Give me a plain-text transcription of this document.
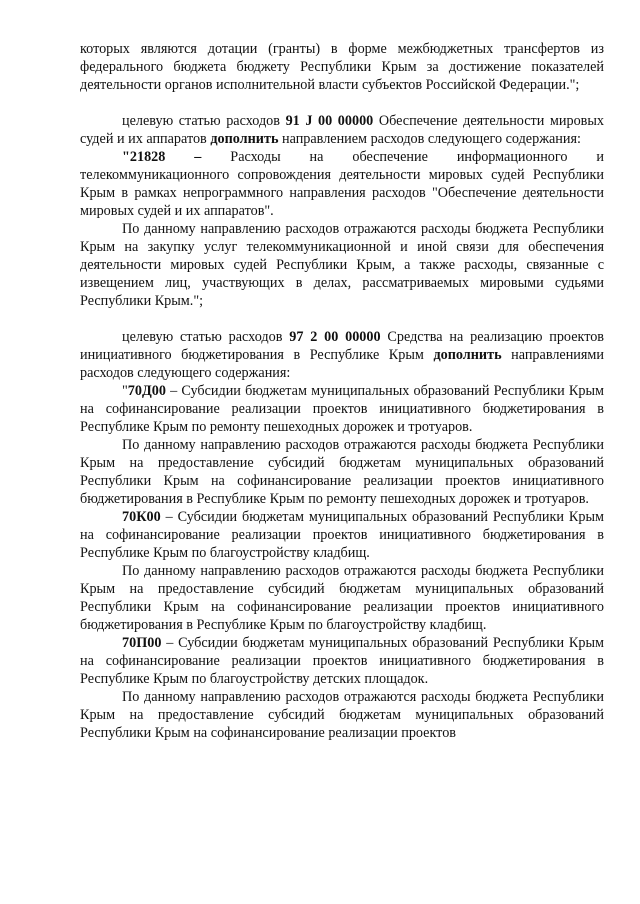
которых являются дотации (гранты) в форме межбюджетных трансфертов из федерального бюджета бюджету Республики Крым за достижение показателей деятельности органов исполнительной власти субъектов Российской Федерации.";

целевую статью расходов 91 J 00 00000 Обеспечение деятельности мировых судей и их аппаратов дополнить направлением расходов следующего содержания:

"21828 – Расходы на обеспечение информационного и телекоммуникационного сопровождения деятельности мировых судей Республики Крым в рамках непрограммного направления расходов "Обеспечение деятельности мировых судей и их аппаратов".

По данному направлению расходов отражаются расходы бюджета Республики Крым на закупку услуг телекоммуникационной и иной связи для обеспечения деятельности мировых судей Республики Крым, а также расходы, связанные с извещением лиц, участвующих в делах, рассматриваемых мировыми судьями Республики Крым.";

целевую статью расходов 97 2 00 00000 Средства на реализацию проектов инициативного бюджетирования в Республике Крым дополнить направлениями расходов следующего содержания:

"70Д00 – Субсидии бюджетам муниципальных образований Республики Крым на софинансирование реализации проектов инициативного бюджетирования в Республике Крым по ремонту пешеходных дорожек и тротуаров.

По данному направлению расходов отражаются расходы бюджета Республики Крым на предоставление субсидий бюджетам муниципальных образований Республики Крым на софинансирование реализации проектов инициативного бюджетирования в Республике Крым по ремонту пешеходных дорожек и тротуаров.

70К00 – Субсидии бюджетам муниципальных образований Республики Крым на софинансирование реализации проектов инициативного бюджетирования в Республике Крым по благоустройству кладбищ.

По данному направлению расходов отражаются расходы бюджета Республики Крым на предоставление субсидий бюджетам муниципальных образований Республики Крым на софинансирование реализации проектов инициативного бюджетирования в Республике Крым по благоустройству кладбищ.

70П00 – Субсидии бюджетам муниципальных образований Республики Крым на софинансирование реализации проектов инициативного бюджетирования в Республике Крым по благоустройству детских площадок.

По данному направлению расходов отражаются расходы бюджета Республики Крым на предоставление субсидий бюджетам муниципальных образований Республики Крым на софинансирование реализации проектов
